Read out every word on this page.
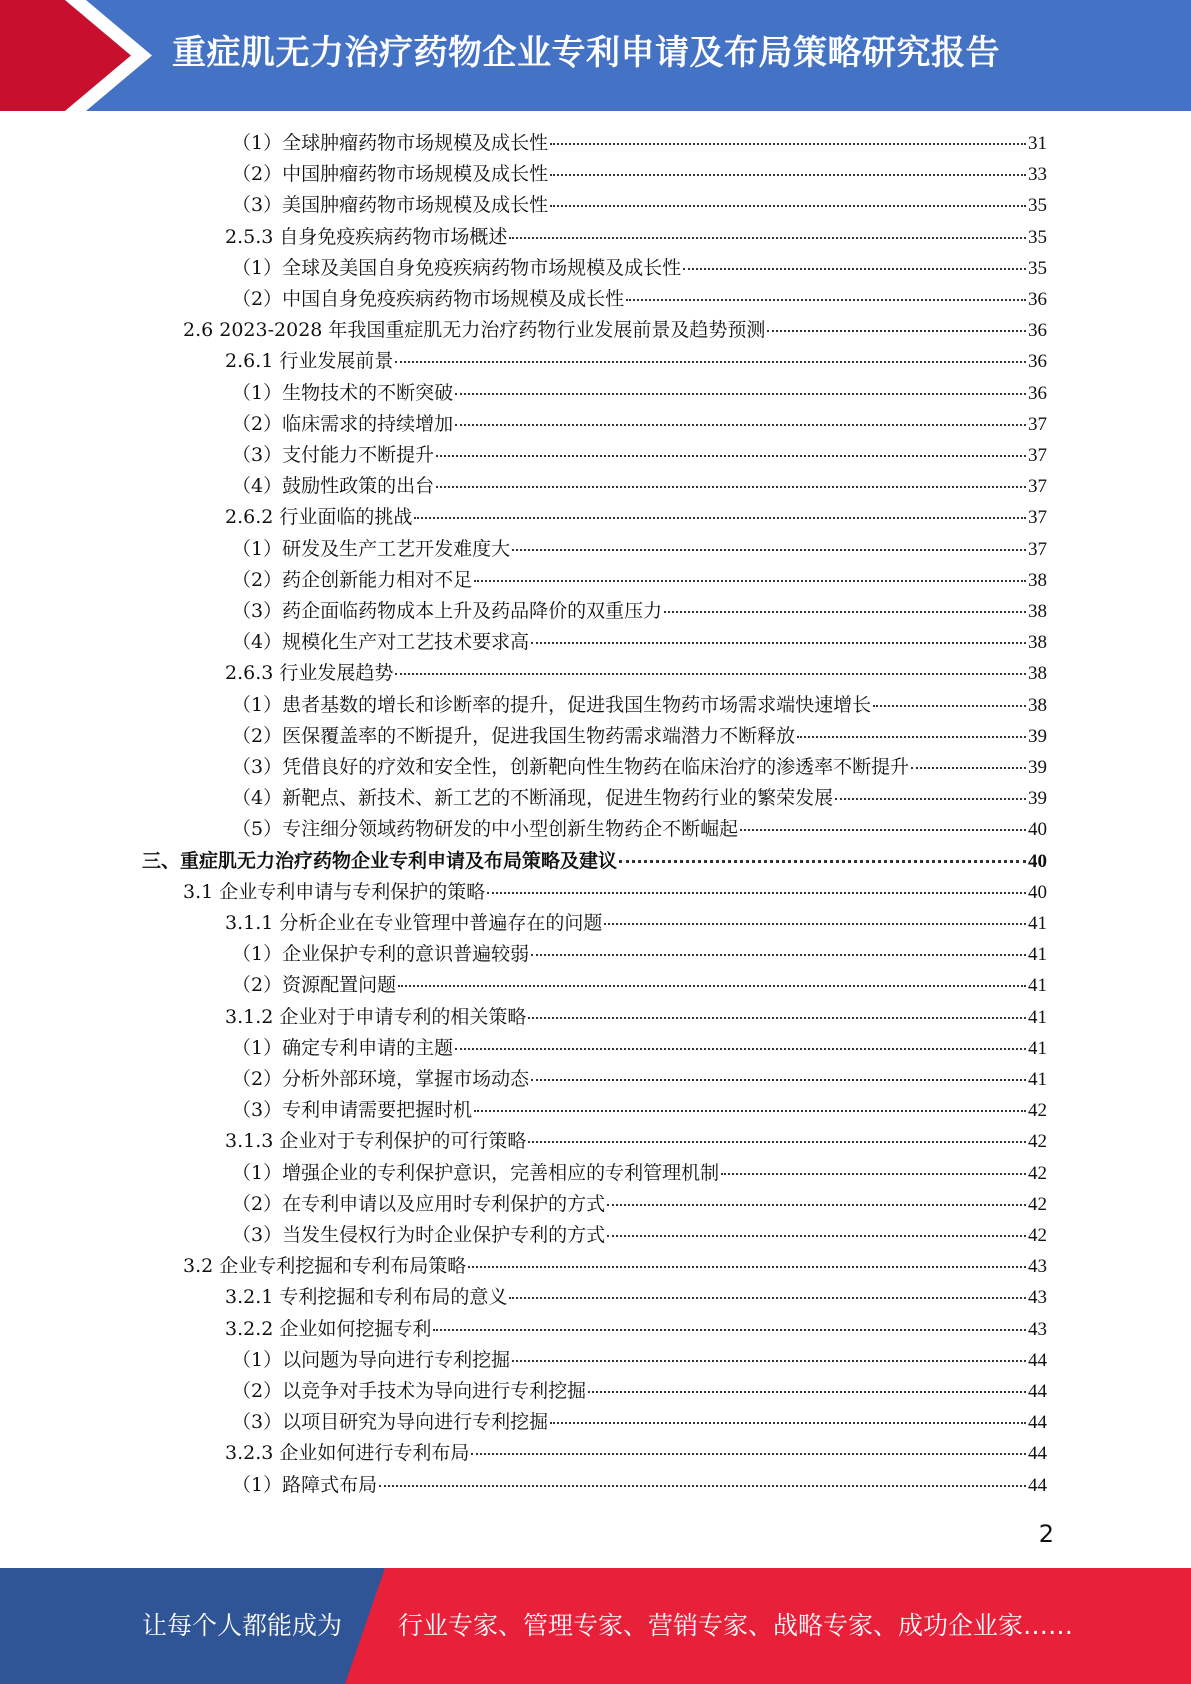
重症肌无力治疗药物企业专利申请及布局策略研究报告
（1）全球肿瘤药物市场规模及成长性	31
（2）中国肿瘤药物市场规模及成长性	33
（3）美国肿瘤药物市场规模及成长性	35
2.5.3 自身免疫疾病药物市场概述	35
（1）全球及美国自身免疫疾病药物市场规模及成长性	35
（2）中国自身免疫疾病药物市场规模及成长性	36
2.6 2023-2028 年我国重症肌无力治疗药物行业发展前景及趋势预测	36
2.6.1 行业发展前景	36
（1）生物技术的不断突破	36
（2）临床需求的持续增加	37
（3）支付能力不断提升	37
（4）鼓励性政策的出台	37
2.6.2 行业面临的挑战	37
（1）研发及生产工艺开发难度大	37
（2）药企创新能力相对不足	38
（3）药企面临药物成本上升及药品降价的双重压力	38
（4）规模化生产对工艺技术要求高	38
2.6.3 行业发展趋势	38
（1）患者基数的增长和诊断率的提升，促进我国生物药市场需求端快速增长	38
（2）医保覆盖率的不断提升，促进我国生物药需求端潜力不断释放	39
（3）凭借良好的疗效和安全性，创新靶向性生物药在临床治疗的渗透率不断提升	39
（4）新靶点、新技术、新工艺的不断涌现，促进生物药行业的繁荣发展	39
（5）专注细分领域药物研发的中小型创新生物药企不断崛起	40
三、重症肌无力治疗药物企业专利申请及布局策略及建议	40
3.1 企业专利申请与专利保护的策略	40
3.1.1 分析企业在专业管理中普遍存在的问题	41
（1）企业保护专利的意识普遍较弱	41
（2）资源配置问题	41
3.1.2 企业对于申请专利的相关策略	41
（1）确定专利申请的主题	41
（2）分析外部环境，掌握市场动态	41
（3）专利申请需要把握时机	42
3.1.3 企业对于专利保护的可行策略	42
（1）增强企业的专利保护意识，完善相应的专利管理机制	42
（2）在专利申请以及应用时专利保护的方式	42
（3）当发生侵权行为时企业保护专利的方式	42
3.2 企业专利挖掘和专利布局策略	43
3.2.1 专利挖掘和专利布局的意义	43
3.2.2 企业如何挖掘专利	43
（1）以问题为导向进行专利挖掘	44
（2）以竞争对手技术为导向进行专利挖掘	44
（3）以项目研究为导向进行专利挖掘	44
3.2.3 企业如何进行专利布局	44
（1）路障式布局	44
2
让每个人都能成为 行业专家、管理专家、营销专家、战略专家、成功企业家……
